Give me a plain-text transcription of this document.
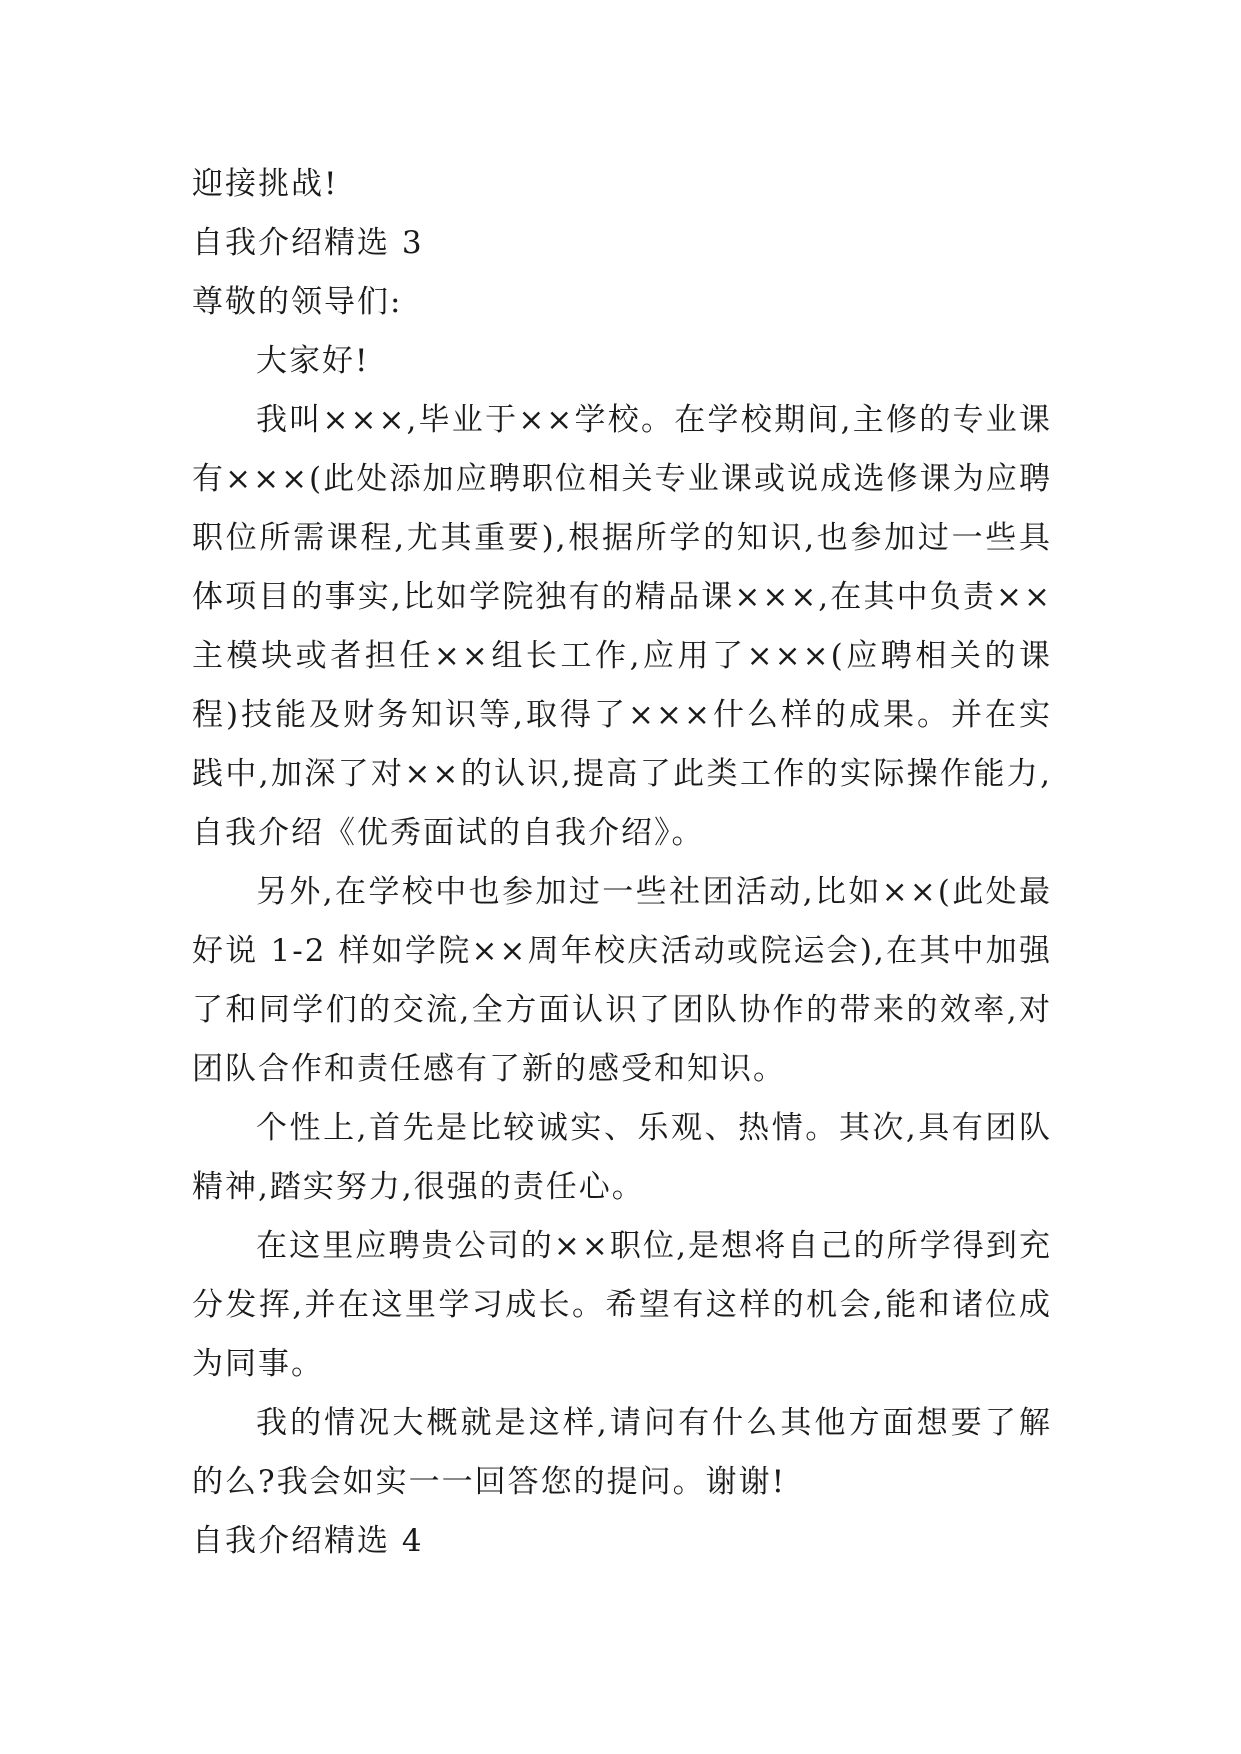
迎接挑战!

自我介绍精选 3

尊敬的领导们:

大家好!

我叫×××,毕业于××学校。在学校期间,主修的专业课有×××(此处添加应聘职位相关专业课或说成选修课为应聘职位所需课程,尤其重要),根据所学的知识,也参加过一些具体项目的事实,比如学院独有的精品课×××,在其中负责××主模块或者担任××组长工作,应用了×××(应聘相关的课程)技能及财务知识等,取得了×××什么样的成果。并在实践中,加深了对××的认识,提高了此类工作的实际操作能力,自我介绍《优秀面试的自我介绍》。

另外,在学校中也参加过一些社团活动,比如××(此处最好说 1-2 样如学院××周年校庆活动或院运会),在其中加强了和同学们的交流,全方面认识了团队协作的带来的效率,对团队合作和责任感有了新的感受和知识。

个性上,首先是比较诚实、乐观、热情。其次,具有团队精神,踏实努力,很强的责任心。

在这里应聘贵公司的××职位,是想将自己的所学得到充分发挥,并在这里学习成长。希望有这样的机会,能和诸位成为同事。

我的情况大概就是这样,请问有什么其他方面想要了解的么?我会如实一一回答您的提问。谢谢!

自我介绍精选 4
